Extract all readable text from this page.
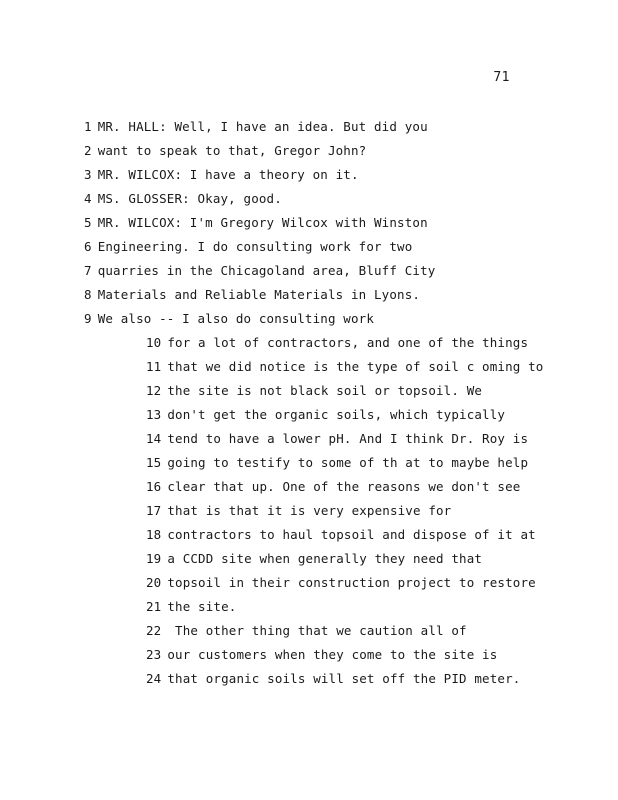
71
1 MR. HALL: Well, I have an idea. But did you
2 want to speak to that, Gregor John?
3 MR. WILCOX: I have a theory on it.
4 MS. GLOSSER: Okay, good.
5 MR. WILCOX: I'm Gregory Wilcox with Winston
6 Engineering. I do consulting work for two
7 quarries in the Chicagoland area, Bluff City
8 Materials and Reliable Materials in Lyons.
9 We also -- I also do consulting work
10 for a lot of contractors, and one of the things
11 that we did notice is the type of soil c oming to
12 the site is not black soil or topsoil. We
13 don't get the organic soils, which typically
14 tend to have a lower pH. And I think Dr. Roy is
15 going to testify to some of th at to maybe help
16 clear that up. One of the reasons we don't see
17 that is that it is very expensive for
18 contractors to haul topsoil and dispose of it at
19 a CCDD site when generally they need that
20 topsoil in their construction project to restore
21 the site.
22 The other thing that we caution all of
23 our customers when they come to the site is
24 that organic soils will set off the PID meter.
